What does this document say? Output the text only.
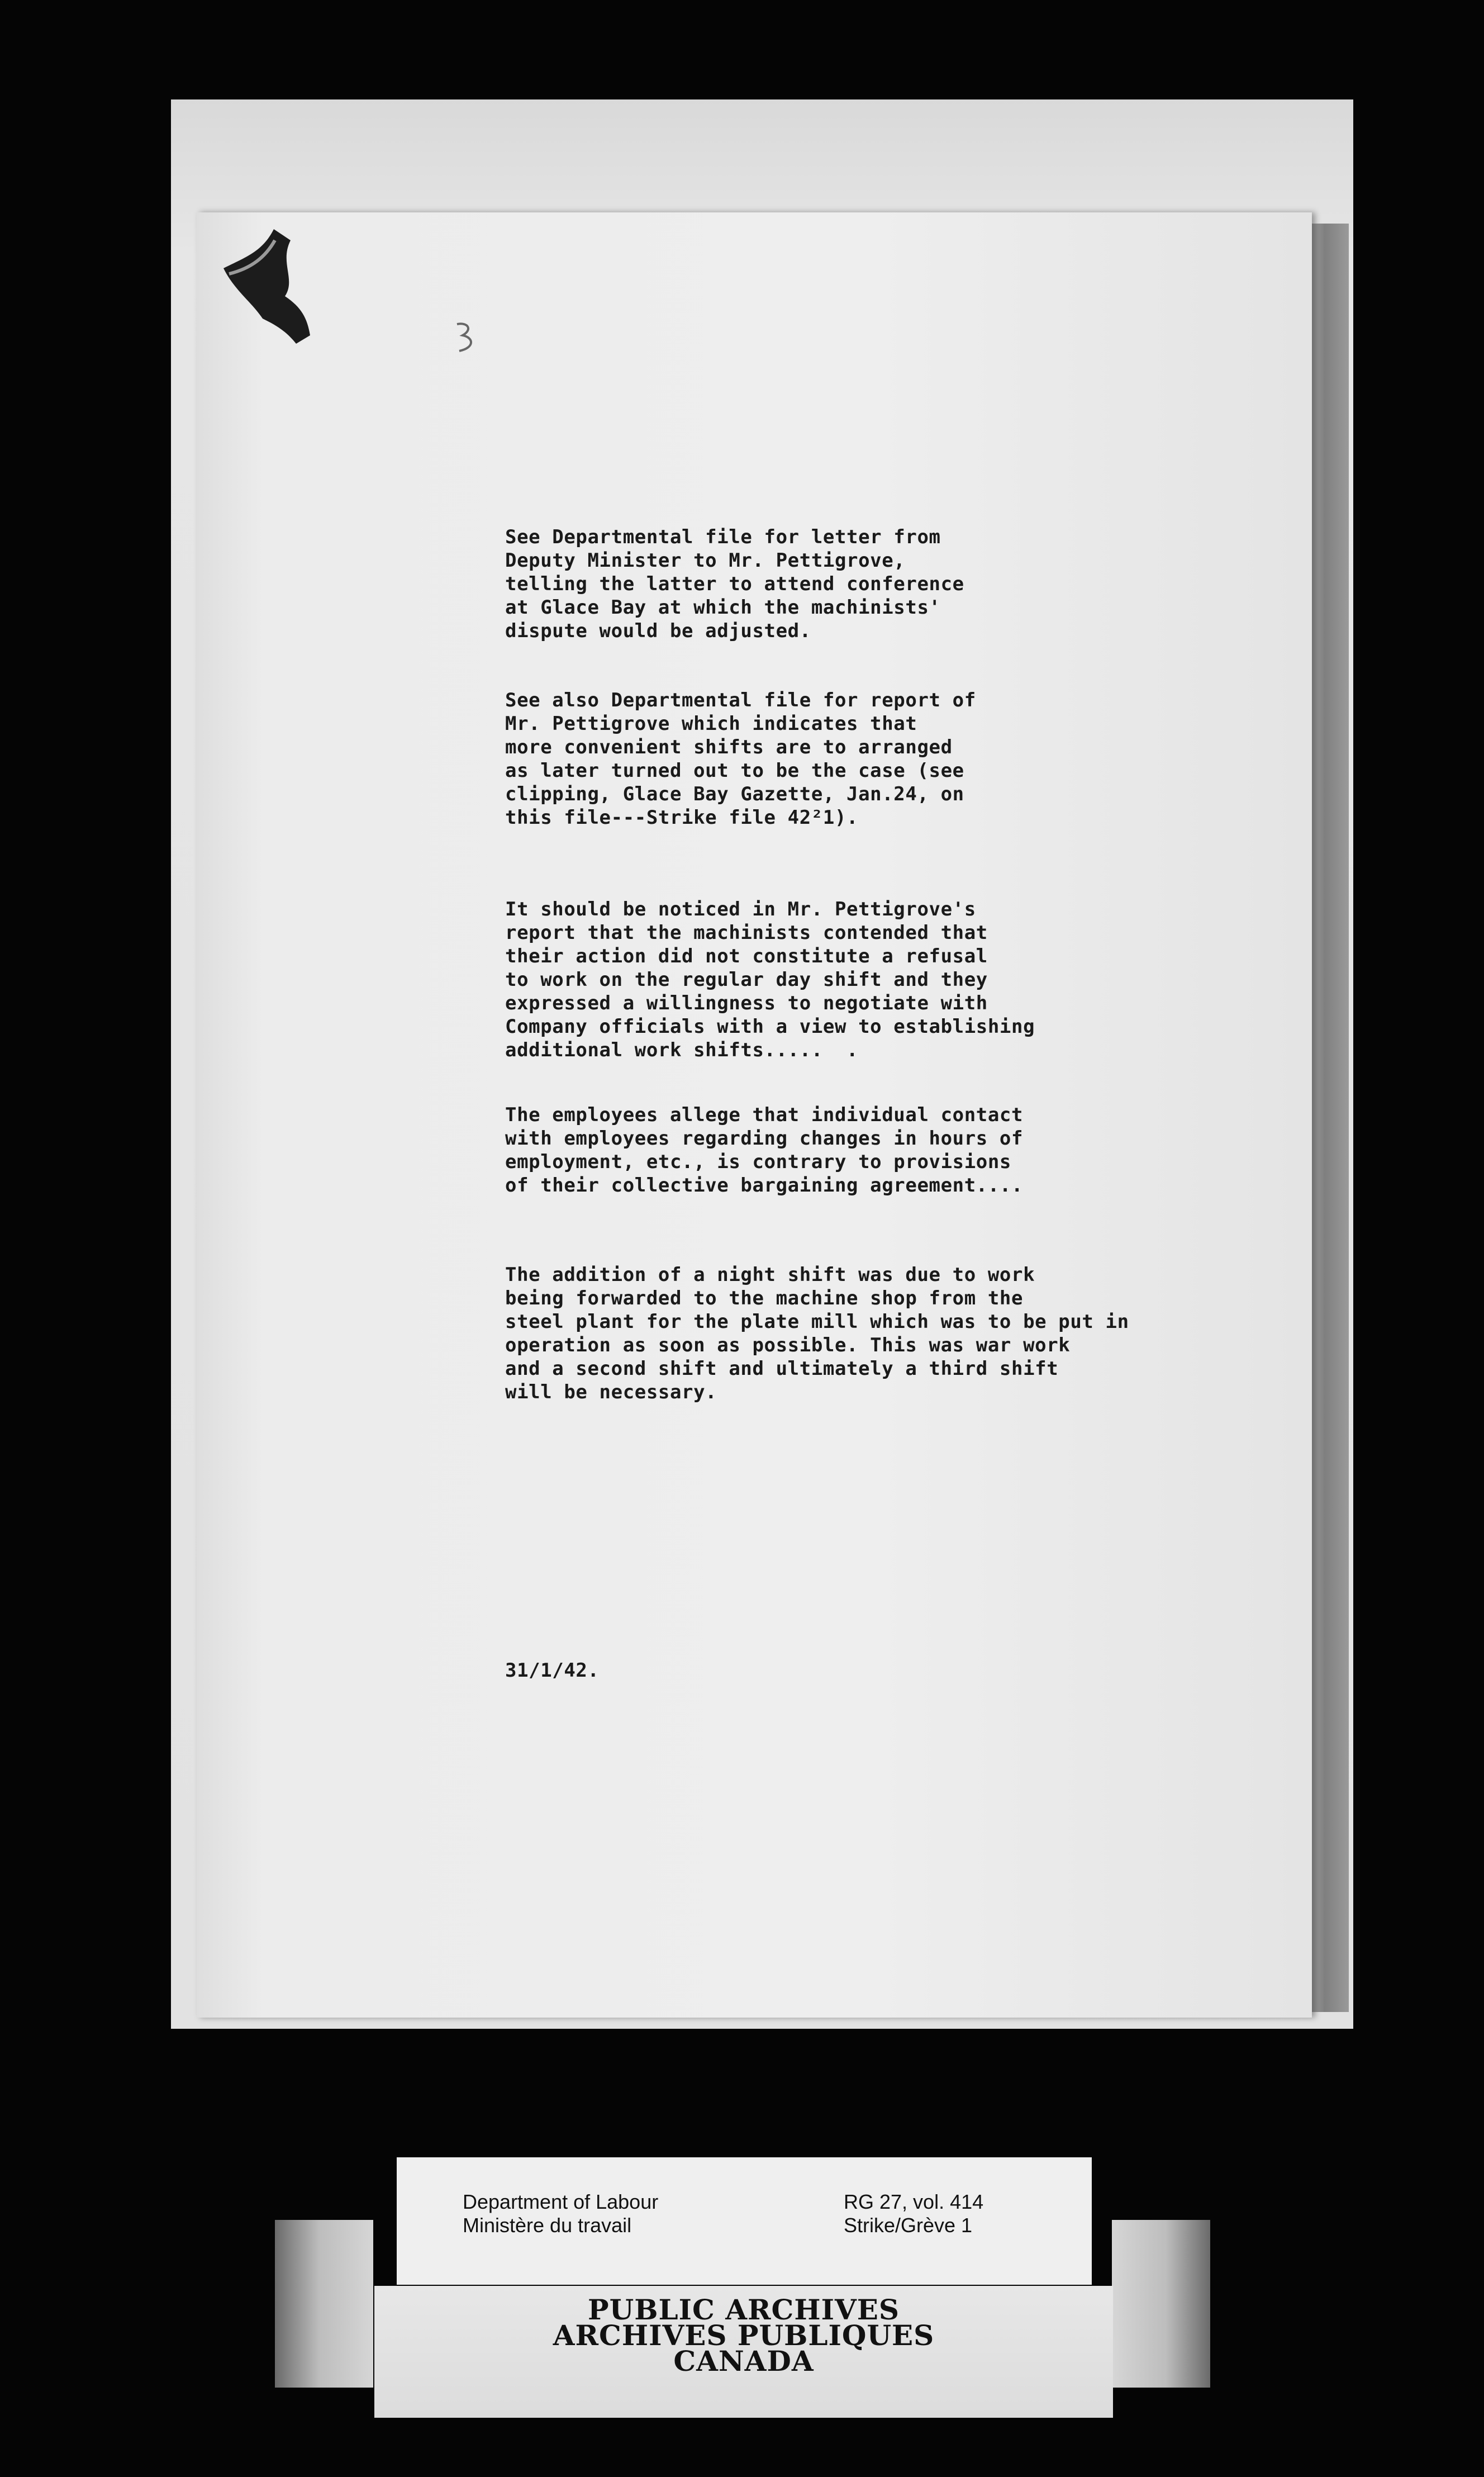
See Departmental file for letter from
Deputy Minister to Mr. Pettigrove,
telling the latter to attend conference
at Glace Bay at which the machinists'
dispute would be adjusted.

See also Departmental file for report of
Mr. Pettigrove which indicates that
more convenient shifts are to arranged
as later turned out to be the case (see
clipping, Glace Bay Gazette, Jan.24, on
this file---Strike file 42²1).

It should be noticed in Mr. Pettigrove's
report that the machinists contended that
their action did not constitute a refusal
to work on the regular day shift and they
expressed a willingness to negotiate with
Company officials with a view to establishing
additional work shifts.....  .

The employees allege that individual contact
with employees regarding changes in hours of
employment, etc., is contrary to provisions
of their collective bargaining agreement....

The addition of a night shift was due to work
being forwarded to the machine shop from the
steel plant for the plate mill which was to be put in
operation as soon as possible. This was war work
and a second shift and ultimately a third shift
will be necessary.

31/1/42.

Department of Labour
Ministère du travail
RG 27, vol. 414
Strike/Grève 1
PUBLIC ARCHIVES
ARCHIVES PUBLIQUES
CANADA
